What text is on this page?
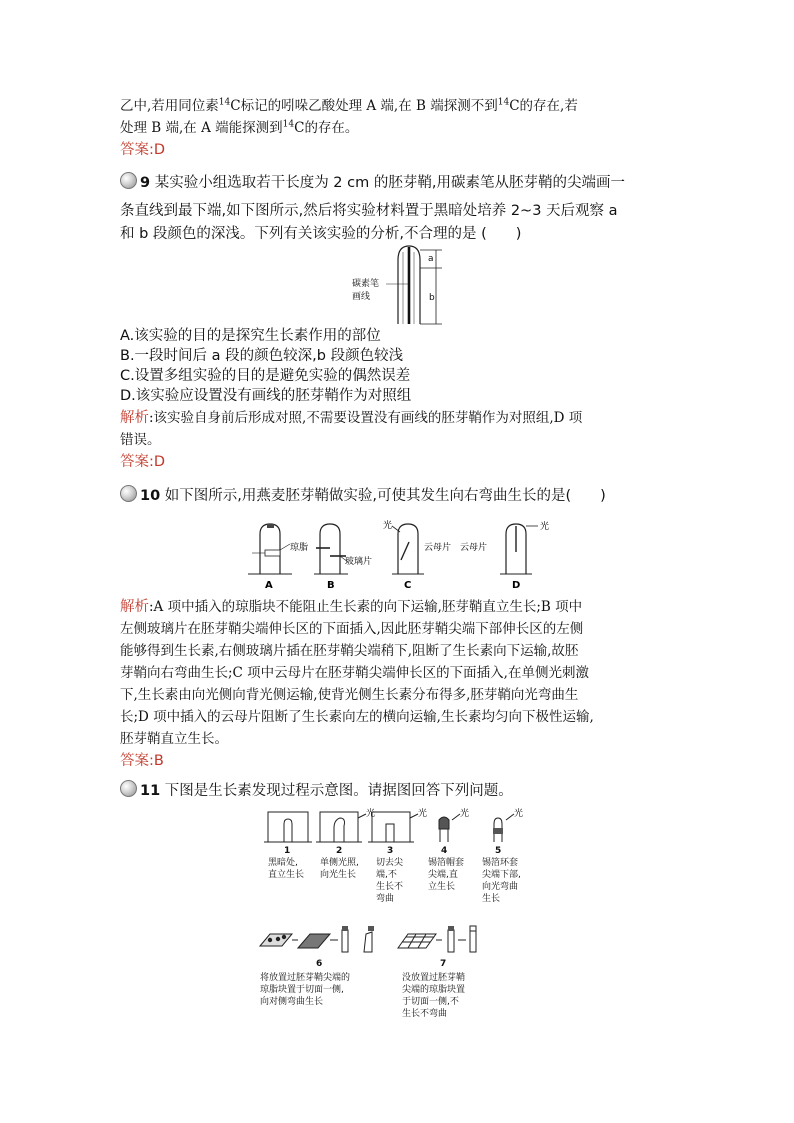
乙中,若用同位素$^{14}$C标记的吲哚乙酸处理 A 端,在 B 端探测不到$^{14}$C的存在,若
处理 B 端,在 A 端能探测到$^{14}$C的存在。
答案:D
9 某实验小组选取若干长度为 2 cm 的胚芽鞘,用碳素笔从胚芽鞘的尖端画一
条直线到最下端,如下图所示,然后将实验材料置于黑暗处培养 2~3 天后观察 a
和 b 段颜色的深浅。下列有关该实验的分析,不合理的是 (　　)
a
b
碳素笔
画线
A.该实验的目的是探究生长素作用的部位
B.一段时间后 a 段的颜色较深,b 段颜色较浅
C.设置多组实验的目的是避免实验的偶然误差
D.该实验应设置没有画线的胚芽鞘作为对照组
解析:该实验自身前后形成对照,不需要设置没有画线的胚芽鞘作为对照组,D 项
错误。
答案:D
10 如下图所示,用燕麦胚芽鞘做实验,可使其发生向右弯曲生长的是(　　)
A
琼脂
B
玻璃片
光
C
云母片 云母片
光
D
解析:A 项中插入的琼脂块不能阻止生长素的向下运输,胚芽鞘直立生长;B 项中
左侧玻璃片在胚芽鞘尖端伸长区的下面插入,因此胚芽鞘尖端下部伸长区的左侧
能够得到生长素,右侧玻璃片插在胚芽鞘尖端稍下,阻断了生长素向下运输,故胚
芽鞘向右弯曲生长;C 项中云母片在胚芽鞘尖端伸长区的下面插入,在单侧光刺激
下,生长素由向光侧向背光侧运输,使背光侧生长素分布得多,胚芽鞘向光弯曲生
长;D 项中插入的云母片阻断了生长素向左的横向运输,生长素均匀向下极性运输,
胚芽鞘直立生长。
答案:B
11 下图是生长素发现过程示意图。请据图回答下列问题。
1
黑暗处,
直立生长
光
2
单侧光照,
向光生长
光
3
切去尖
端,不
生长不
弯曲
光
4
锡箔帽套
尖端,直
立生长
光
5
锡箔环套
尖端下部,
向光弯曲
生长
6
将放置过胚芽鞘尖端的
琼脂块置于切面一侧,
向对侧弯曲生长
7
没放置过胚芽鞘
尖端的琼脂块置
于切面一侧,不
生长不弯曲
